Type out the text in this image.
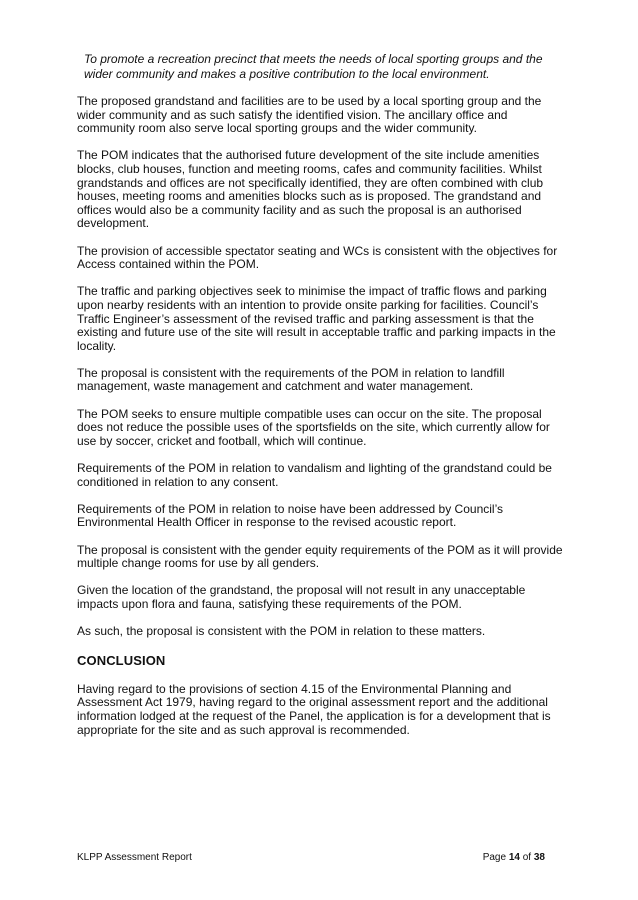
To promote a recreation precinct that meets the needs of local sporting groups and the wider community and makes a positive contribution to the local environment.

The proposed grandstand and facilities are to be used by a local sporting group and the wider community and as such satisfy the identified vision. The ancillary office and community room also serve local sporting groups and the wider community.

The POM indicates that the authorised future development of the site include amenities blocks, club houses, function and meeting rooms, cafes and community facilities. Whilst grandstands and offices are not specifically identified, they are often combined with club houses, meeting rooms and amenities blocks such as is proposed. The grandstand and offices would also be a community facility and as such the proposal is an authorised development.

The provision of accessible spectator seating and WCs is consistent with the objectives for Access contained within the POM.

The traffic and parking objectives seek to minimise the impact of traffic flows and parking upon nearby residents with an intention to provide onsite parking for facilities. Council’s Traffic Engineer’s assessment of the revised traffic and parking assessment is that the existing and future use of the site will result in acceptable traffic and parking impacts in the locality.

The proposal is consistent with the requirements of the POM in relation to landfill management, waste management and catchment and water management.

The POM seeks to ensure multiple compatible uses can occur on the site. The proposal does not reduce the possible uses of the sportsfields on the site, which currently allow for use by soccer, cricket and football, which will continue.

Requirements of the POM in relation to vandalism and lighting of the grandstand could be conditioned in relation to any consent.

Requirements of the POM in relation to noise have been addressed by Council’s Environmental Health Officer in response to the revised acoustic report.

The proposal is consistent with the gender equity requirements of the POM as it will provide multiple change rooms for use by all genders.

Given the location of the grandstand, the proposal will not result in any unacceptable impacts upon flora and fauna, satisfying these requirements of the POM.

As such, the proposal is consistent with the POM in relation to these matters.

CONCLUSION

Having regard to the provisions of section 4.15 of the Environmental Planning and Assessment Act 1979, having regard to the original assessment report and the additional information lodged at the request of the Panel, the application is for a development that is appropriate for the site and as such approval is recommended.

KLPP Assessment Report	Page 14 of 38
